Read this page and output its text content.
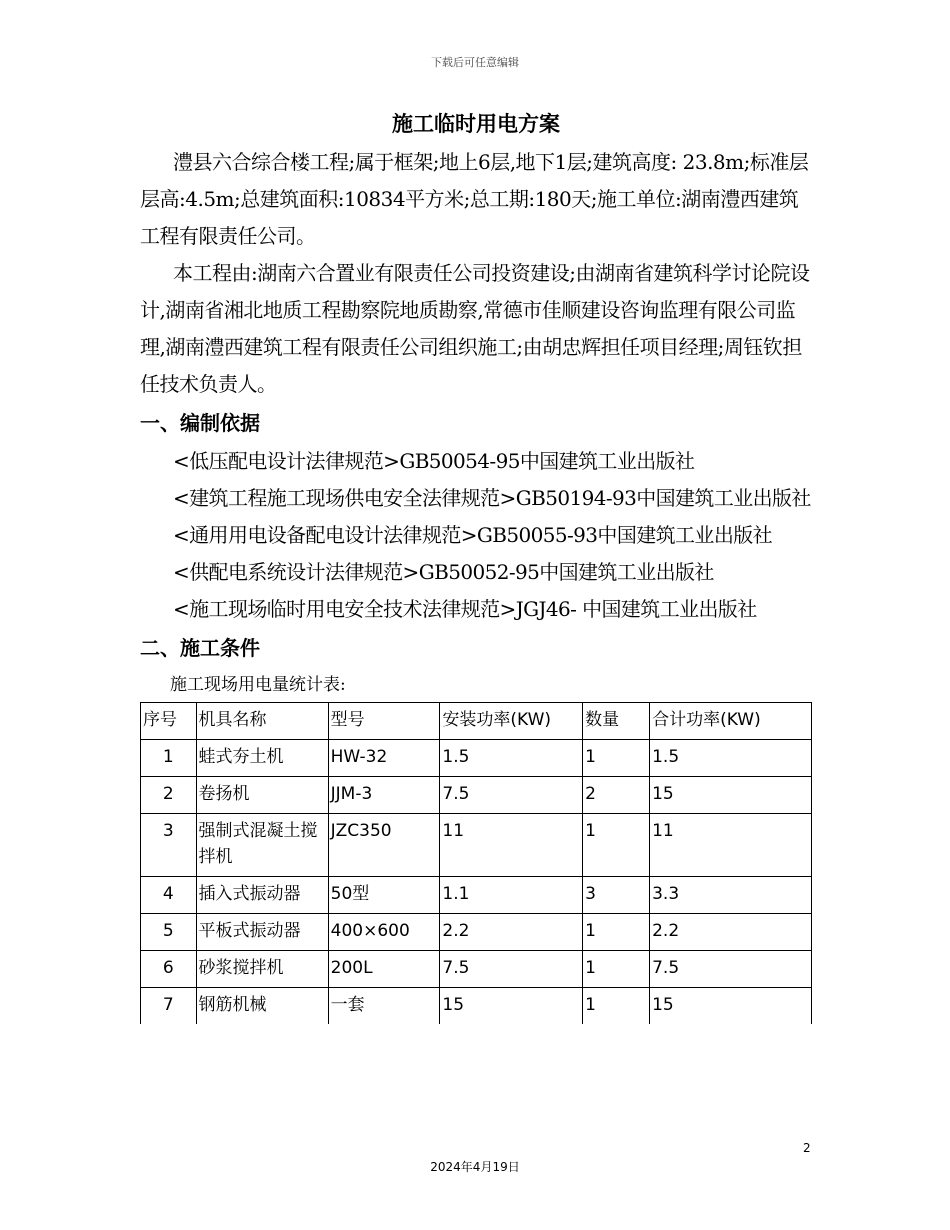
下载后可任意编辑
施工临时用电方案

澧县六合综合楼工程;属于框架;地上6层,地下1层;建筑高度: 23.8m;标准层层高:4.5m;总建筑面积:10834平方米;总工期:180天;施工单位:湖南澧西建筑工程有限责任公司。

本工程由:湖南六合置业有限责任公司投资建设;由湖南省建筑科学讨论院设计,湖南省湘北地质工程勘察院地质勘察,常德市佳顺建设咨询监理有限公司监理,湖南澧西建筑工程有限责任公司组织施工;由胡忠辉担任项目经理;周钰钦担任技术负责人。

一、编制依据

<低压配电设计法律规范>GB50054-95中国建筑工业出版社

<建筑工程施工现场供电安全法律规范>GB50194-93中国建筑工业出版社

<通用用电设备配电设计法律规范>GB50055-93中国建筑工业出版社

<供配电系统设计法律规范>GB50052-95中国建筑工业出版社

<施工现场临时用电安全技术法律规范>JGJ46- 中国建筑工业出版社

二、施工条件

施工现场用电量统计表:

序号	机具名称	型号	安装功率(KW)	数量	合计功率(KW)
1	蛙式夯土机	HW-32	1.5	1	1.5
2	卷扬机	JJM-3	7.5	2	15
3	强制式混凝土搅拌机	JZC350	11	1	11
4	插入式振动器	50型	1.1	3	3.3
5	平板式振动器	400×600	2.2	1	2.2
6	砂浆搅拌机	200L	7.5	1	7.5
7	钢筋机械	一套	15	1	15
2
2024年4月19日
